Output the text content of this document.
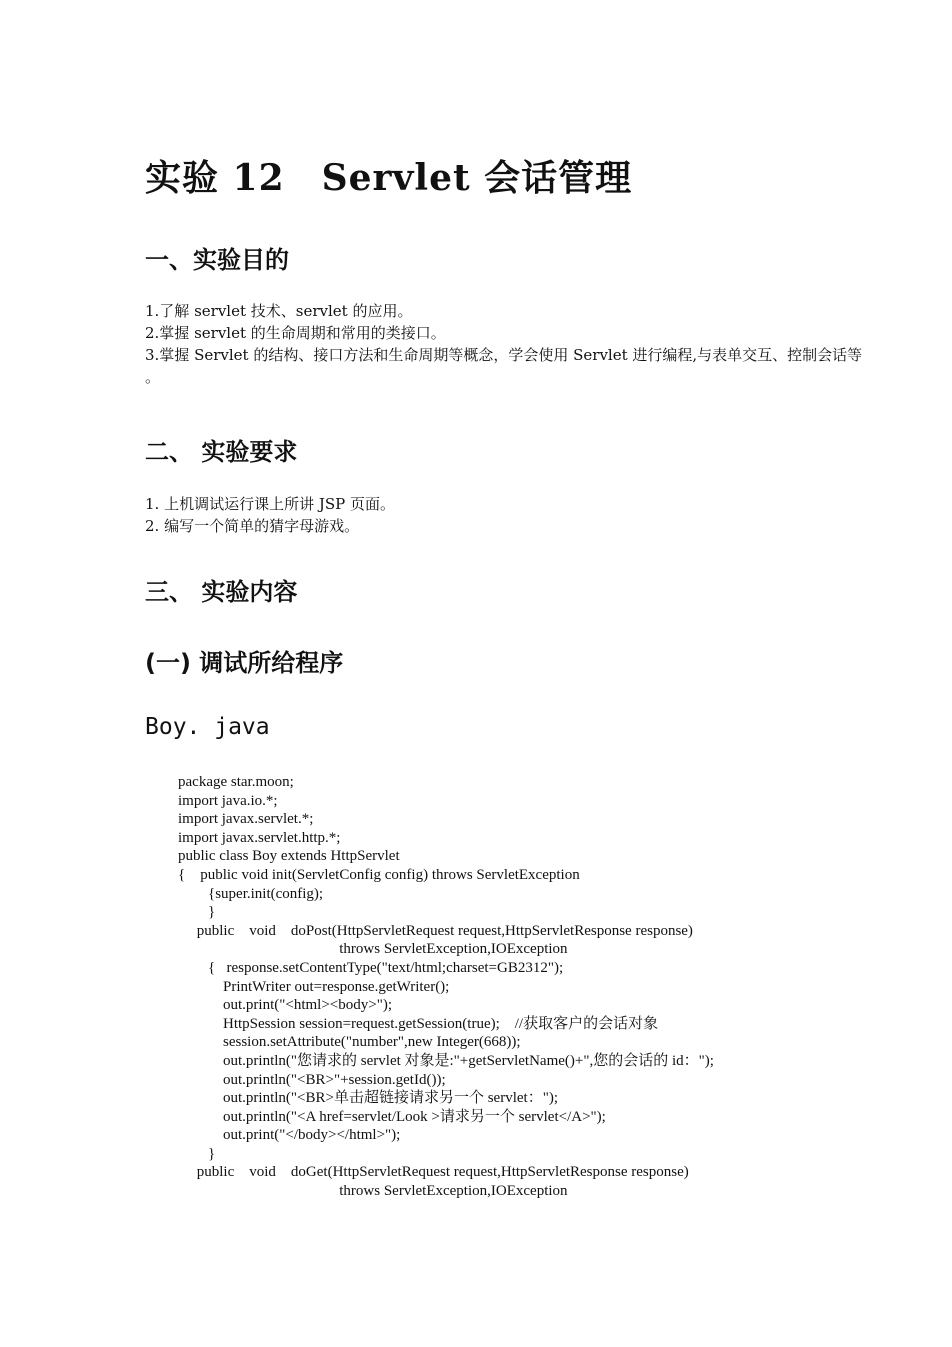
实验 12　Servlet 会话管理
一、实验目的
1.了解 servlet 技术、servlet 的应用。
2.掌握 servlet 的生命周期和常用的类接口。
3.掌握 Servlet 的结构、接口方法和生命周期等概念，学会使用 Servlet 进行编程,与表单交互、控制会话等 。
二、 实验要求
1. 上机调试运行课上所讲 JSP 页面。
2. 编写一个简单的猜字母游戏。
三、 实验内容
(一) 调试所给程序
Boy. java
package star.moon;
import java.io.*;
import javax.servlet.*;
import javax.servlet.http.*;
public class Boy extends HttpServlet
{    public void init(ServletConfig config) throws ServletException
{super.init(config);
}
public    void    doPost(HttpServletRequest request,HttpServletResponse response)
throws ServletException,IOException
{   response.setContentType("text/html;charset=GB2312");
PrintWriter out=response.getWriter();
out.print("<html><body>");
HttpSession session=request.getSession(true);    //获取客户的会话对象
session.setAttribute("number",new Integer(668));
out.println("您请求的 servlet 对象是:"+getServletName()+",您的会话的 id：");
out.println("<BR>"+session.getId());
out.println("<BR>单击超链接请求另一个 servlet：");
out.println("<A href=servlet/Look >请求另一个 servlet</A>");
out.print("</body></html>");
}
public    void    doGet(HttpServletRequest request,HttpServletResponse response)
throws ServletException,IOException
